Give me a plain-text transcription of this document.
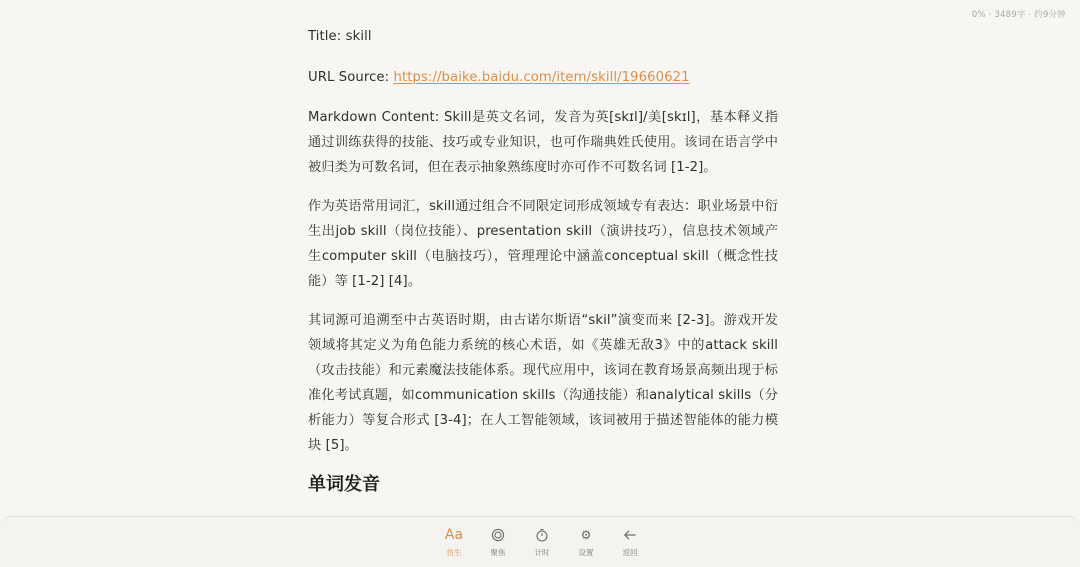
0% · 3489字 · 约9分钟

Title: skill

URL Source: https://baike.baidu.com/item/skill/19660621

Markdown Content: Skill是英文名词，发音为英[skɪl]/美[skɪl]，基本释义指通过训练获得的技能、技巧或专业知识，也可作瑞典姓氏使用。该词在语言学中被归类为可数名词，但在表示抽象熟练度时亦可作不可数名词 [1-2]。

作为英语常用词汇，skill通过组合不同限定词形成领域专有表达：职业场景中衍生出job skill（岗位技能）、presentation skill（演讲技巧），信息技术领域产生computer skill（电脑技巧），管理理论中涵盖conceptual skill（概念性技能）等 [1-2] [4]。

其词源可追溯至中古英语时期，由古诺尔斯语“skil”演变而来 [2-3]。游戏开发领域将其定义为角色能力系统的核心术语，如《英雄无敌3》中的attack skill（攻击技能）和元素魔法技能体系。现代应用中，该词在教育场景高频出现于标准化考试真题，如communication skills（沟通技能）和analytical skills（分析能力）等复合形式 [3-4]；在人工智能领域，该词被用于描述智能体的能力模块 [5]。

单词发音
Aa
仿生	聚焦	计时
⚙
设置	返回
